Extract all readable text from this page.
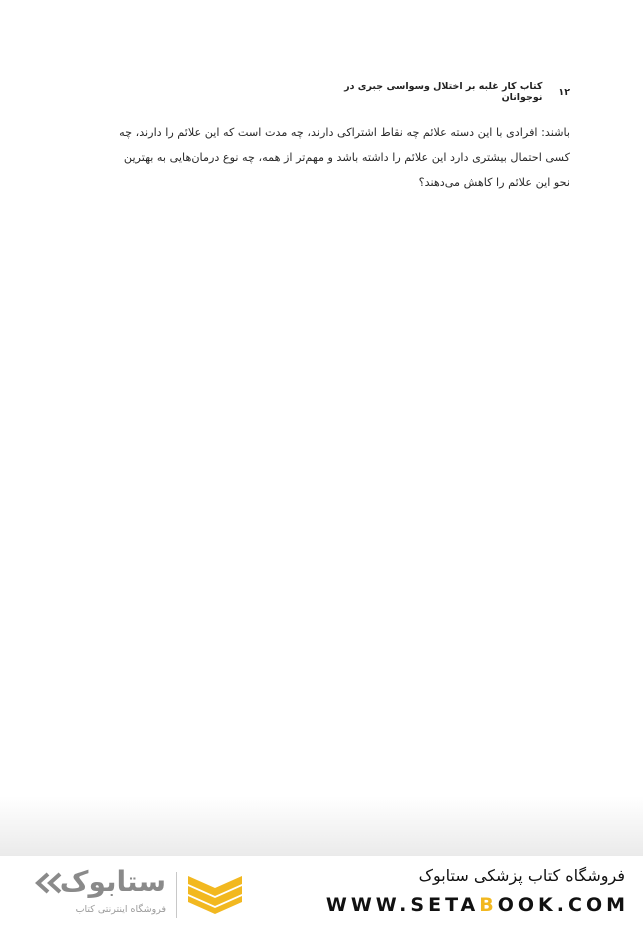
۱۲
کتاب کار غلبه بر اختلال وسواسی جبری در نوجوانان
باشند: افرادی با این دسته علائم چه نقاط اشتراکی دارند، چه مدت است که این علائم را دارند، چه
کسی احتمال بیشتری دارد این علائم را داشته باشد و مهم‌تر از همه، چه نوع درمان‌هایی به بهترین
نحو این علائم را کاهش می‌دهند؟
فروشگاه کتاب پزشکی ستابوک
WWW.SETABOOK.COM
ستابوک
فروشگاه اینترنتی کتاب
